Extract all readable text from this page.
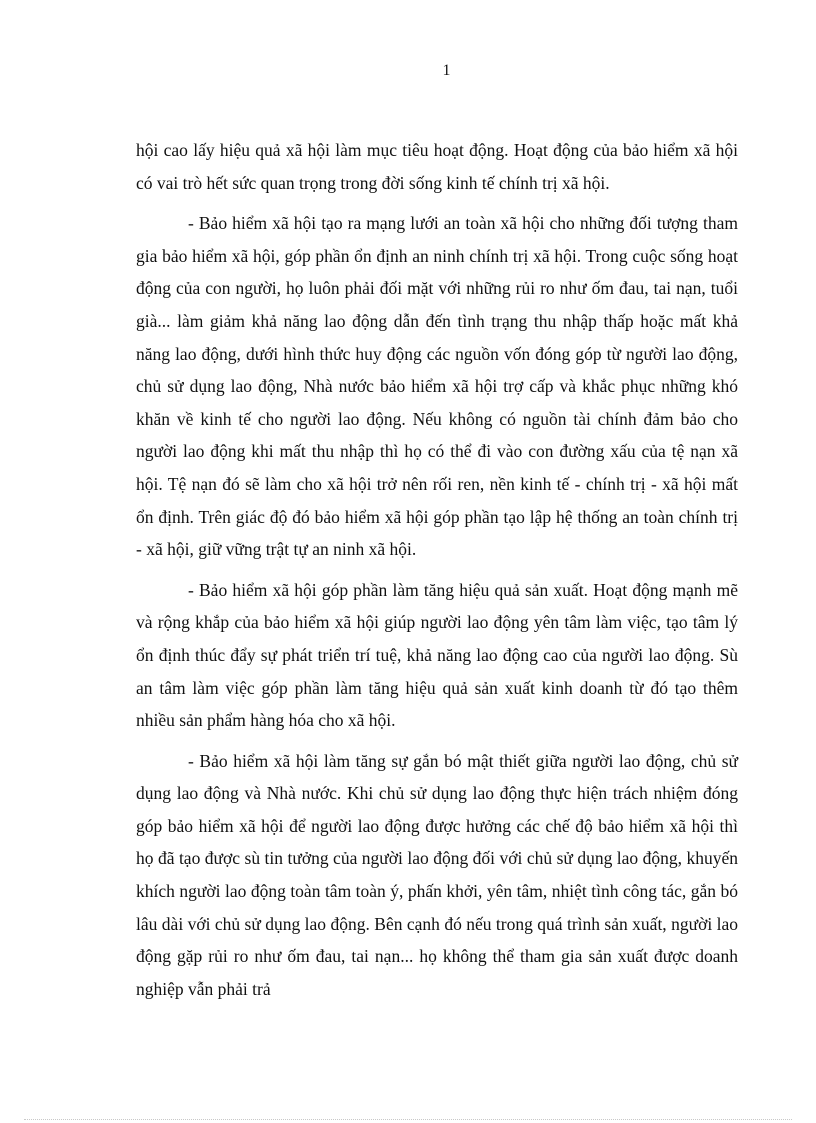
1

hội cao lấy hiệu quả xã hội làm mục tiêu hoạt động. Hoạt động của bảo hiểm xã hội có vai trò hết sức quan trọng trong đời sống kinh tế chính trị xã hội.

- Bảo hiểm xã hội tạo ra mạng lưới an toàn xã hội cho những đối tượng tham gia bảo hiểm xã hội, góp phần ổn định an ninh chính trị xã hội. Trong cuộc sống hoạt động của con người, họ luôn phải đối mặt với những rủi ro như ốm đau, tai nạn, tuổi già... làm giảm khả năng lao động dẫn đến tình trạng thu nhập thấp hoặc mất khả năng lao động, dưới hình thức huy động các nguồn vốn đóng góp từ người lao động, chủ sử dụng lao động, Nhà nước bảo hiểm xã hội trợ cấp và khắc phục những khó khăn về kinh tế cho người lao động. Nếu không có nguồn tài chính đảm bảo cho người lao động khi mất thu nhập thì họ có thể đi vào con đường xấu của tệ nạn xã hội. Tệ nạn đó sẽ làm cho xã hội trở nên rối ren, nền kinh tế - chính trị - xã hội mất ổn định. Trên giác độ đó bảo hiểm xã hội góp phần tạo lập hệ thống an toàn chính trị - xã hội, giữ vững trật tự an ninh xã hội.

- Bảo hiểm xã hội góp phần làm tăng hiệu quả sản xuất. Hoạt động mạnh mẽ và rộng khắp của bảo hiểm xã hội giúp người lao động yên tâm làm việc, tạo tâm lý ổn định thúc đẩy sự phát triển trí tuệ, khả năng lao động cao của người lao động. Sù an tâm làm việc góp phần làm tăng hiệu quả sản xuất kinh doanh từ đó tạo thêm nhiều sản phẩm hàng hóa cho xã hội.

- Bảo hiểm xã hội làm tăng sự gắn bó mật thiết giữa người lao động, chủ sử dụng lao động và Nhà nước. Khi chủ sử dụng lao động thực hiện trách nhiệm đóng góp bảo hiểm xã hội để người lao động được hưởng các chế độ bảo hiểm xã hội thì họ đã tạo được sù tin tưởng của người lao động đối với chủ sử dụng lao động, khuyến khích người lao động toàn tâm toàn ý, phấn khởi, yên tâm, nhiệt tình công tác, gắn bó lâu dài với chủ sử dụng lao động. Bên cạnh đó nếu trong quá trình sản xuất, người lao động gặp rủi ro như ốm đau, tai nạn... họ không thể tham gia sản xuất được doanh nghiệp vẫn phải trả
